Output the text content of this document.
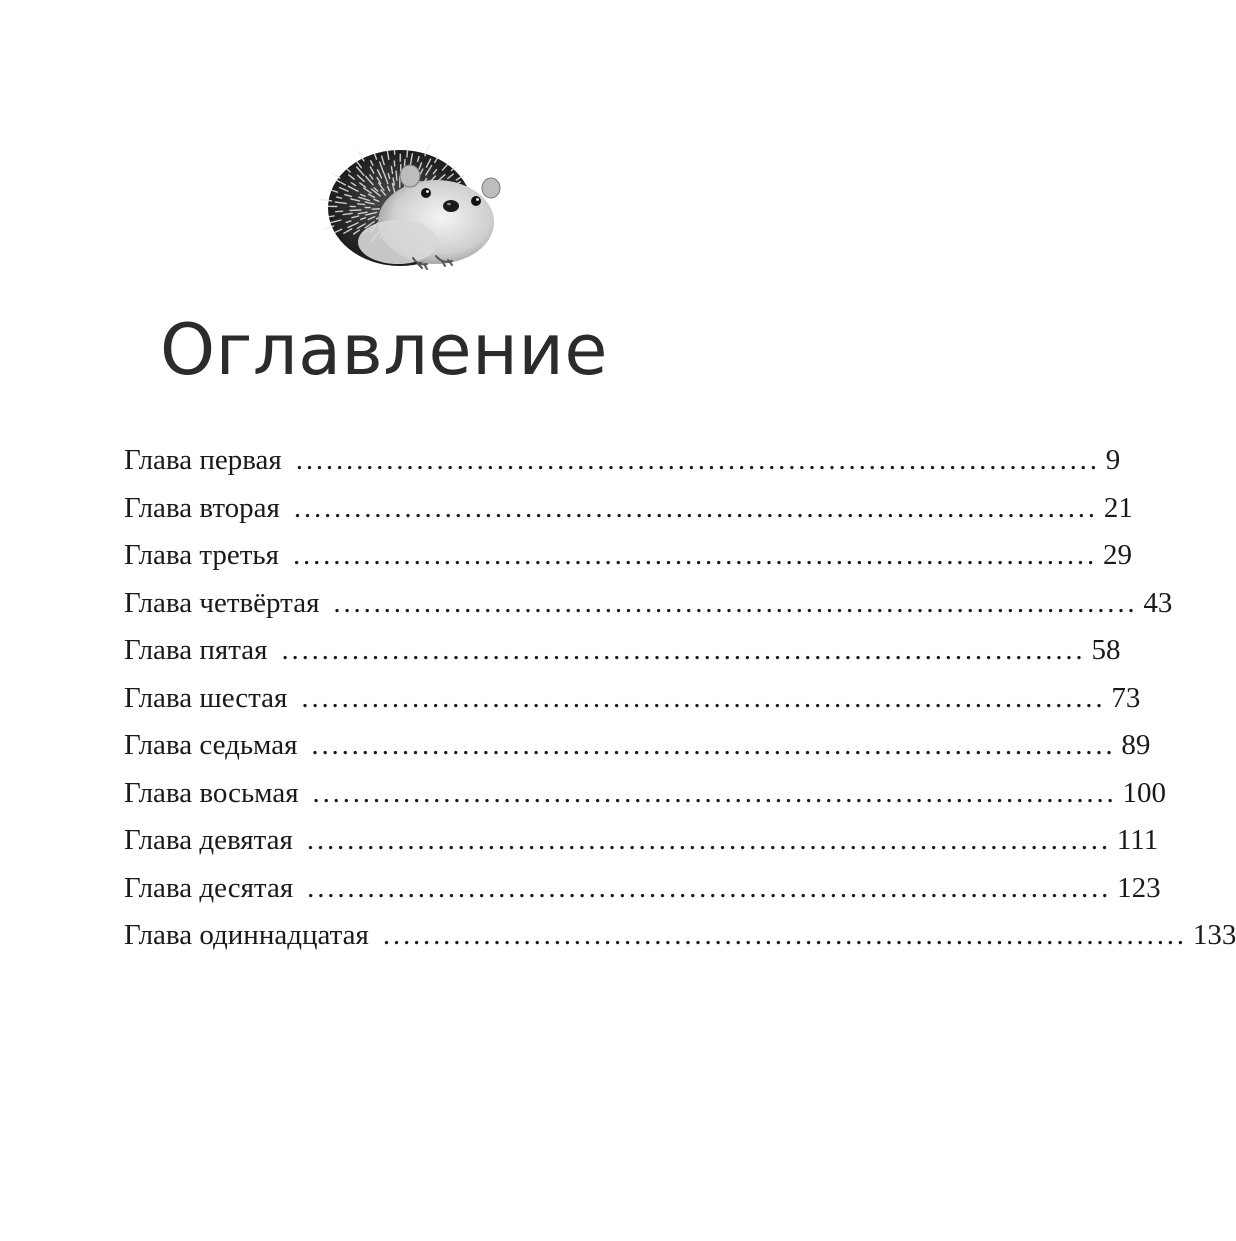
Оглавление
Глава первая ................................................................................ 9
Глава вторая ................................................................................ 21
Глава третья ................................................................................ 29
Глава четвёртая ................................................................................ 43
Глава пятая ................................................................................ 58
Глава шестая ................................................................................ 73
Глава седьмая ................................................................................ 89
Глава восьмая ................................................................................ 100
Глава девятая ................................................................................ 111
Глава десятая ................................................................................ 123
Глава одиннадцатая ................................................................................ 133
